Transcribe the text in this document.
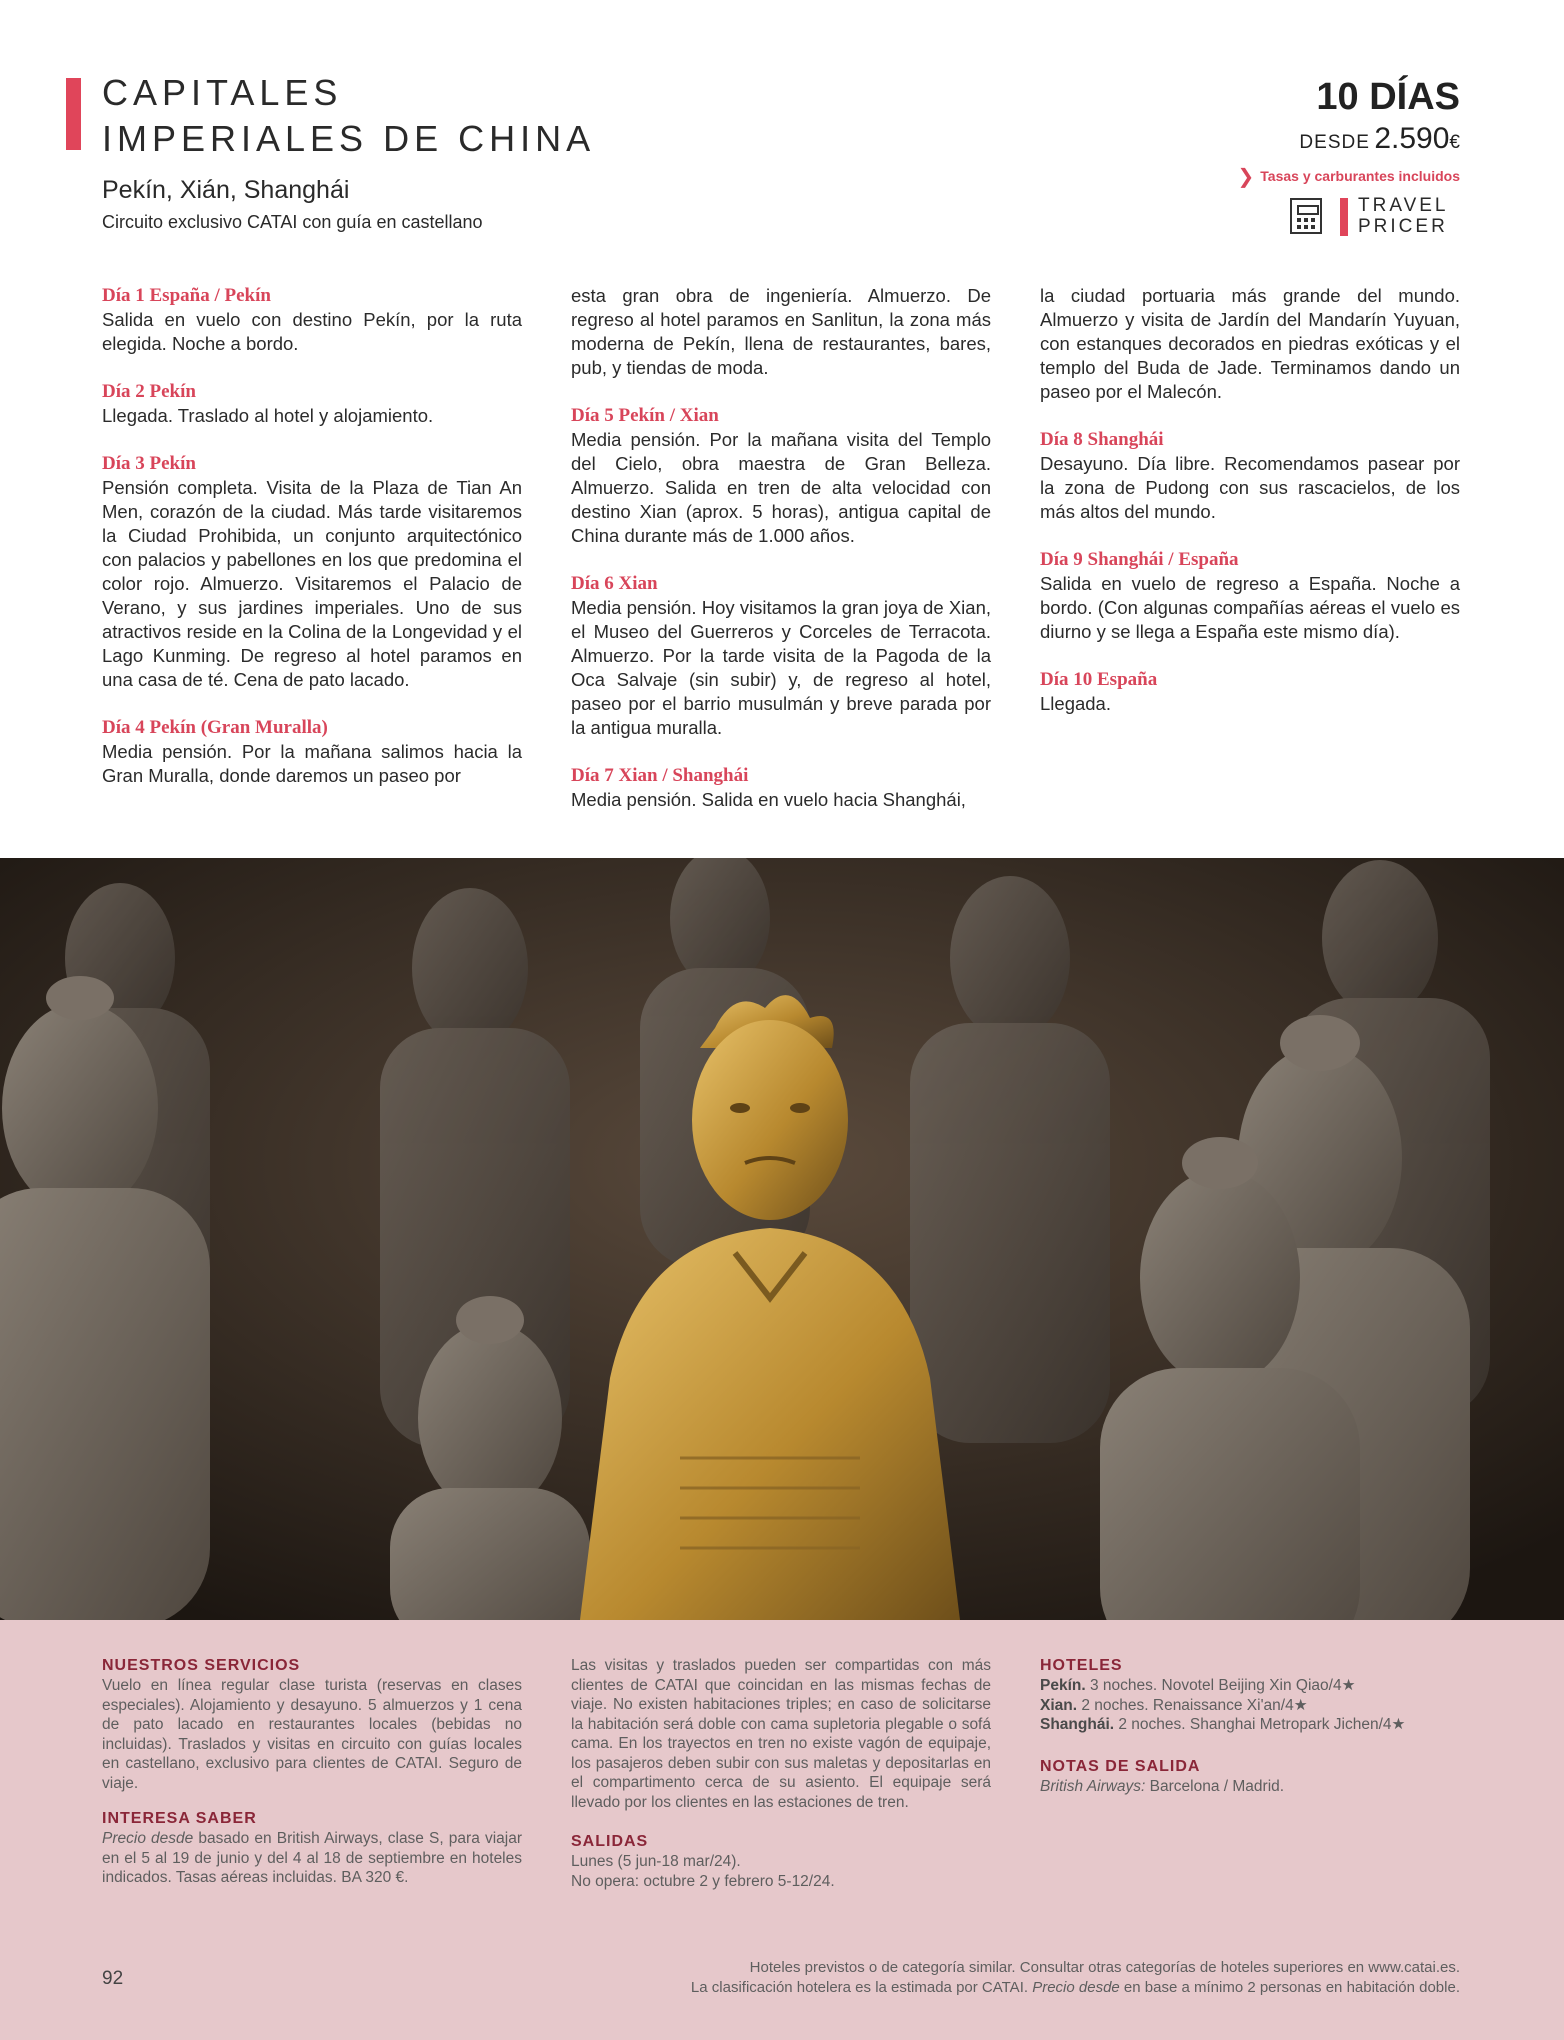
CAPITALES
IMPERIALES DE CHINA
Pekín, Xián, Shanghái
Circuito exclusivo CATAI con guía en castellano
10 DÍAS
DESDE 2.590€
❯ Tasas y carburantes incluidos
TRAVEL
PRICER
Día 1 España / Pekín

Salida en vuelo con destino Pekín, por la ruta elegida. Noche a bordo.

Día 2 Pekín

Llegada. Traslado al hotel y alojamiento.

Día 3 Pekín

Pensión completa. Visita de la Plaza de Tian An Men, corazón de la ciudad. Más tarde visitaremos la Ciudad Prohibida, un conjunto arquitectónico con palacios y pabellones en los que predomina el color rojo. Almuerzo. Visitaremos el Palacio de Verano, y sus jardines imperiales. Uno de sus atractivos reside en la Colina de la Longevidad y el Lago Kunming. De regreso al hotel paramos en una casa de té. Cena de pato lacado.

Día 4 Pekín (Gran Muralla)

Media pensión. Por la mañana salimos hacia la Gran Muralla, donde daremos un paseo por

esta gran obra de ingeniería. Almuerzo. De regreso al hotel paramos en Sanlitun, la zona más moderna de Pekín, llena de restaurantes, bares, pub, y tiendas de moda.

Día 5 Pekín / Xian

Media pensión. Por la mañana visita del Templo del Cielo, obra maestra de Gran Belleza. Almuerzo. Salida en tren de alta velocidad con destino Xian (aprox. 5 horas), antigua capital de China durante más de 1.000 años.

Día 6 Xian

Media pensión. Hoy visitamos la gran joya de Xian, el Museo del Guerreros y Corceles de Terracota. Almuerzo. Por la tarde visita de la Pagoda de la Oca Salvaje (sin subir) y, de regreso al hotel, paseo por el barrio musulmán y breve parada por la antigua muralla.

Día 7 Xian / Shanghái

Media pensión. Salida en vuelo hacia Shanghái,

la ciudad portuaria más grande del mundo. Almuerzo y visita de Jardín del Mandarín Yuyuan, con estanques decorados en piedras exóticas y el templo del Buda de Jade. Terminamos dando un paseo por el Malecón.

Día 8 Shanghái

Desayuno. Día libre. Recomendamos pasear por la zona de Pudong con sus rascacielos, de los más altos del mundo.

Día 9 Shanghái / España

Salida en vuelo de regreso a España. Noche a bordo. (Con algunas compañías aéreas el vuelo es diurno y se llega a España este mismo día).

Día 10 España

Llegada.

NUESTROS SERVICIOS

Vuelo en línea regular clase turista (reservas en clases especiales). Alojamiento y desayuno. 5 almuerzos y 1 cena de pato lacado en restaurantes locales (bebidas no incluidas). Traslados y visitas en circuito con guías locales en castellano, exclusivo para clientes de CATAI. Seguro de viaje.

INTERESA SABER

Precio desde basado en British Airways, clase S, para viajar en el 5 al 19 de junio y del 4 al 18 de septiembre en hoteles indicados. Tasas aéreas incluidas. BA 320 €.

Las visitas y traslados pueden ser compartidas con más clientes de CATAI que coincidan en las mismas fechas de viaje. No existen habitaciones triples; en caso de solicitarse la habitación será doble con cama supletoria plegable o sofá cama. En los trayectos en tren no existe vagón de equipaje, los pasajeros deben subir con sus maletas y depositarlas en el compartimento cerca de su asiento. El equipaje será llevado por los clientes en las estaciones de tren.

SALIDAS

Lunes (5 jun-18 mar/24).

No opera: octubre 2 y febrero 5-12/24.

HOTELES

Pekín. 3 noches. Novotel Beijing Xin Qiao/4★

Xian. 2 noches. Renaissance Xi'an/4★

Shanghái. 2 noches. Shanghai Metropark Jichen/4★

NOTAS DE SALIDA

British Airways: Barcelona / Madrid.

92
Hoteles previstos o de categoría similar. Consultar otras categorías de hoteles superiores en www.catai.es.
La clasificación hotelera es la estimada por CATAI. Precio desde en base a mínimo 2 personas en habitación doble.
